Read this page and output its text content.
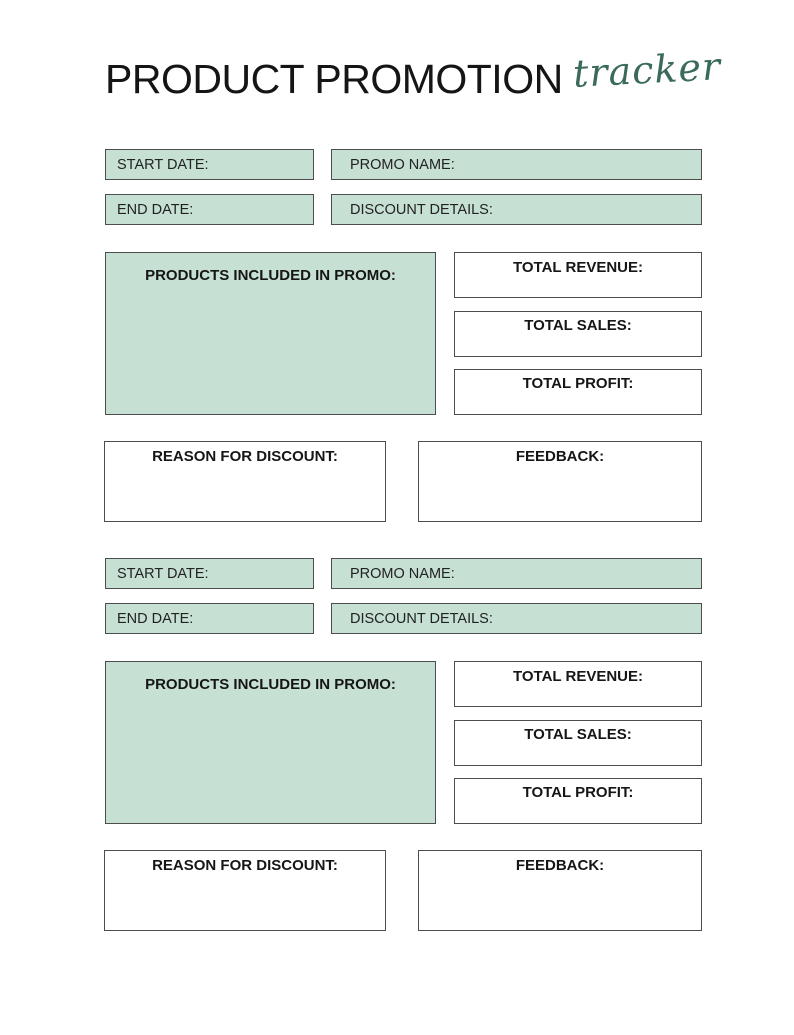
PRODUCT PROMOTION tracker
START DATE:	PROMO NAME:
END DATE:	DISCOUNT DETAILS:
PRODUCTS INCLUDED IN PROMO:	TOTAL REVENUE:
TOTAL SALES:
TOTAL PROFIT:
REASON FOR DISCOUNT:	FEEDBACK:
START DATE:	PROMO NAME:
END DATE:	DISCOUNT DETAILS:
PRODUCTS INCLUDED IN PROMO:	TOTAL REVENUE:
TOTAL SALES:
TOTAL PROFIT:
REASON FOR DISCOUNT:	FEEDBACK:
